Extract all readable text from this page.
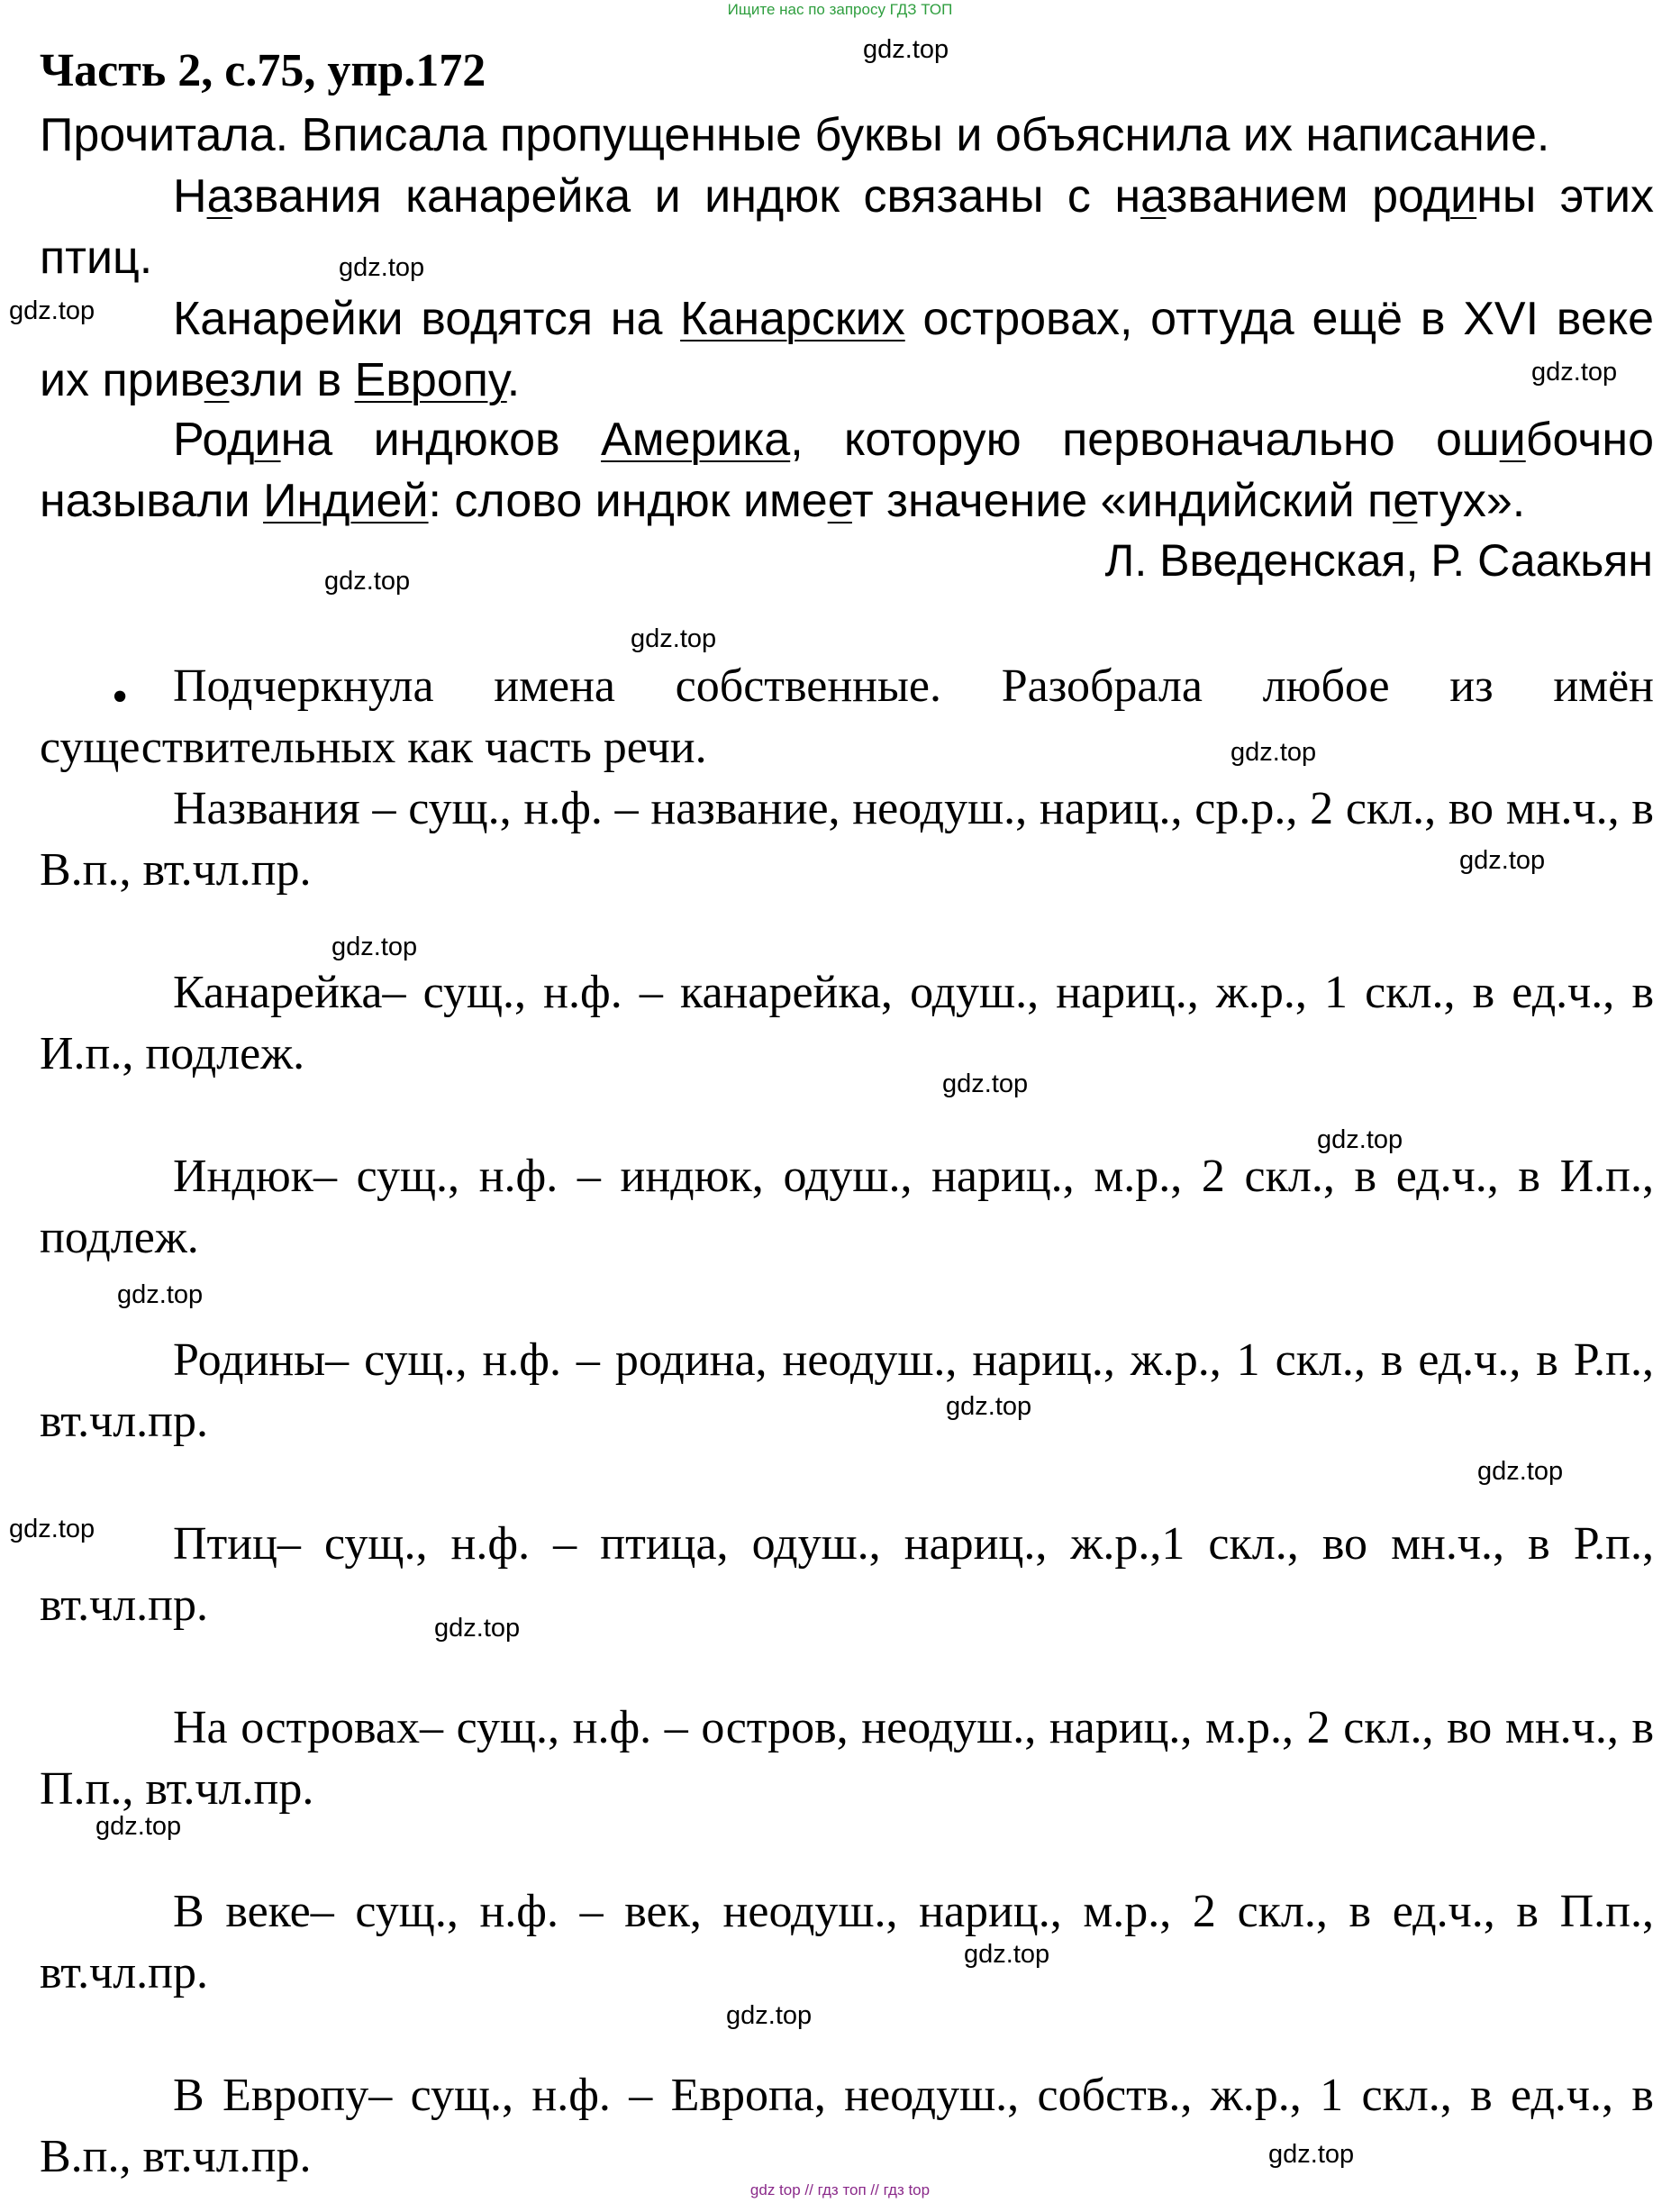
Ищите нас по запросу ГДЗ ТОП
Часть 2, с.75, упр.172

Прочитала. Вписала пропущенные буквы и объяснила их написание.

Названия канарейка и индюк связаны с названием родины этих птиц.

Канарейки водятся на Канарских островах, оттуда ещё в XVI веке их привезли в Европу.

Родина индюков Америка, которую первоначально ошибочно называли Индией: слово индюк имеет значение «индийский петух».

Л. Введенская, Р. Саакьян
• Подчеркнула имена собственные. Разобрала любое из имён существительных как часть речи.

Названия – сущ., н.ф. – название, неодуш., нариц., ср.р., 2 скл., во мн.ч., в В.п., вт.чл.пр.

Канарейка– сущ., н.ф. – канарейка, одуш., нариц., ж.р., 1 скл., в ед.ч., в И.п., подлеж.

Индюк– сущ., н.ф. – индюк, одуш., нариц., м.р., 2 скл., в ед.ч., в И.п., подлеж.

Родины– сущ., н.ф. – родина, неодуш., нариц., ж.р., 1 скл., в ед.ч., в Р.п., вт.чл.пр.

Птиц– сущ., н.ф. – птица, одуш., нариц., ж.р.,1 скл., во мн.ч., в Р.п., вт.чл.пр.

На островах– сущ., н.ф. – остров, неодуш., нариц., м.р., 2 скл., во мн.ч., в П.п., вт.чл.пр.

В веке– сущ., н.ф. – век, неодуш., нариц., м.р., 2 скл., в ед.ч., в П.п., вт.чл.пр.

В Европу– сущ., н.ф. – Европа, неодуш., собств., ж.р., 1 скл., в ед.ч., в В.п., вт.чл.пр.

gdz.top
gdz.top
gdz.top
gdz.top
gdz.top
gdz.top
gdz.top
gdz.top
gdz.top
gdz.top
gdz.top
gdz.top
gdz.top
gdz.top
gdz.top
gdz.top
gdz.top
gdz.top
gdz.top
gdz.top
gdz top // гдз топ // гдз top
